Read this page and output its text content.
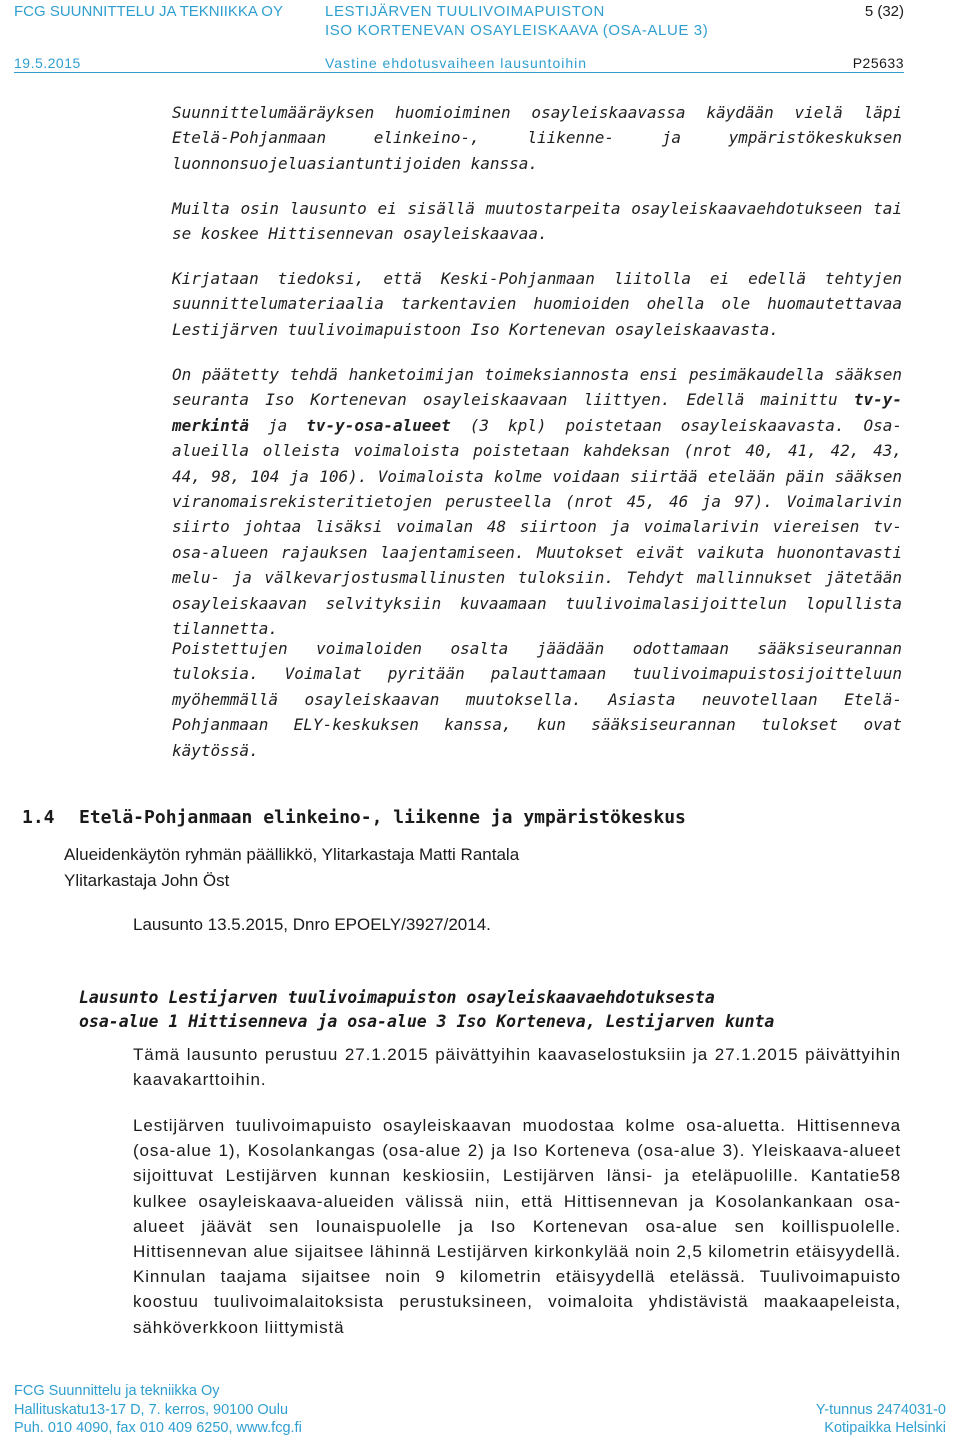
FCG SUUNNITTELU JA TEKNIIKKA OY	LESTIJÄRVEN TUULIVOIMAPUISTON
ISO KORTENEVAN OSAYLEISKAAVA (OSA-ALUE 3)
5 (32)
19.5.2015	Vastine ehdotusvaiheen lausuntoihin	P25633

Suunnittelumääräyksen huomioiminen osayleiskaavassa käydään vielä läpi Etelä-Pohjanmaan elinkeino-, liikenne- ja ympäristökeskuksen luonnonsuojeluasiantuntijoiden kanssa.

Muilta osin lausunto ei sisällä muutostarpeita osayleiskaavaehdotukseen tai se koskee Hittisennevan osayleiskaavaa.

Kirjataan tiedoksi, että Keski-Pohjanmaan liitolla ei edellä tehtyjen suunnittelumateriaalia tarkentavien huomioiden ohella ole huomautettavaa Lestijärven tuulivoimapuistoon Iso Kortenevan osayleiskaavasta.

On päätetty tehdä hanketoimijan toimeksiannosta ensi pesimäkaudella sääksen seuranta Iso Kortenevan osayleiskaavaan liittyen. Edellä mainittu tv-y-merkintä ja tv-y-osa-alueet (3 kpl) poistetaan osayleiskaavasta. Osa-alueilla olleista voimaloista poistetaan kahdeksan (nrot 40, 41, 42, 43, 44, 98, 104 ja 106). Voimaloista kolme voidaan siirtää etelään päin sääksen viranomaisrekisteritietojen perusteella (nrot 45, 46 ja 97). Voimalarivin siirto johtaa lisäksi voimalan 48 siirtoon ja voimalarivin viereisen tv-osa-alueen rajauksen laajentamiseen. Muutokset eivät vaikuta huonontavasti melu- ja välkevarjostusmallinusten tuloksiin. Tehdyt mallinnukset jätetään osayleiskaavan selvityksiin kuvaamaan tuulivoimalasijoittelun lopullista tilannetta.

Poistettujen voimaloiden osalta jäädään odottamaan sääksiseurannan tuloksia. Voimalat pyritään palauttamaan tuulivoimapuistosijoitteluun myöhemmällä osayleiskaavan muutoksella. Asiasta neuvotellaan Etelä-Pohjanmaan ELY-keskuksen kanssa, kun sääksiseurannan tulokset ovat käytössä.

1.4 Etelä-Pohjanmaan elinkeino-, liikenne ja ympäristökeskus
Alueidenkäytön ryhmän päällikkö, Ylitarkastaja Matti Rantala
Ylitarkastaja John Öst
Lausunto 13.5.2015, Dnro EPOELY/3927/2014.
Lausunto Lestijarven tuulivoimapuiston osayleiskaavaehdotuksesta
osa-alue 1 Hittisenneva ja osa-alue 3 Iso Korteneva, Lestijarven kunta

Tämä lausunto perustuu 27.1.2015 päivättyihin kaavaselostuksiin ja 27.1.2015 päivättyihin kaavakarttoihin.

Lestijärven tuulivoimapuisto osayleiskaavan muodostaa kolme osa-aluetta. Hittisenneva (osa-alue 1), Kosolankangas (osa-alue 2) ja Iso Korteneva (osa-alue 3). Yleiskaava-alueet sijoittuvat Lestijärven kunnan keskiosiin, Lestijärven länsi- ja eteläpuolille. Kantatie58 kulkee osayleiskaava-alueiden välissä niin, että Hittisennevan ja Kosolankankaan osa-alueet jäävät sen lounaispuolelle ja Iso Kortenevan osa-alue sen koillispuolelle. Hittisennevan alue sijaitsee lähinnä Lestijärven kirkonkylää noin 2,5 kilometrin etäisyydellä. Kinnulan taajama sijaitsee noin 9 kilometrin etäisyydellä etelässä. Tuulivoimapuisto koostuu tuulivoimalaitoksista perustuksineen, voimaloita yhdistävistä maakaapeleista, sähköverkkoon liittymistä

FCG Suunnittelu ja tekniikka Oy
Hallituskatu13-17 D, 7. kerros, 90100 Oulu
Puh. 010 4090, fax 010 409 6250, www.fcg.fi
Y-tunnus 2474031-0
Kotipaikka Helsinki
